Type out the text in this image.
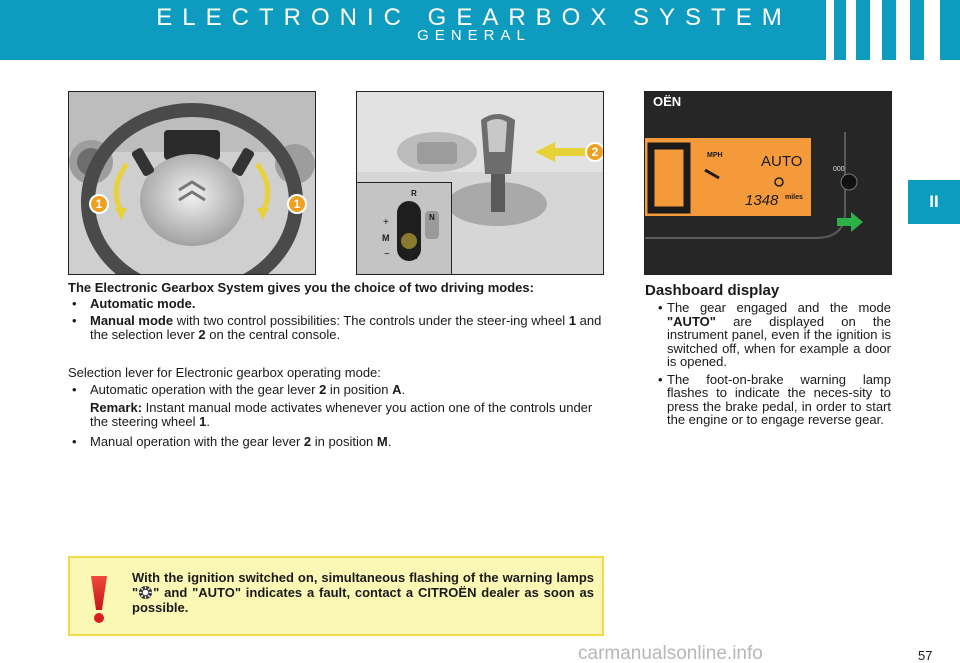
ELECTRONIC GEARBOX SYSTEM
GENERAL
II
1	1
2
+
M
− A
N
R
OËN
MPH	AUTO
1348 miles
000
The Electronic Gearbox System gives you the choice of two driving modes:
• Automatic mode.
• Manual mode with two control possibilities: The controls under the steer-ing wheel 1 and the selection lever 2 on the central console.
Selection lever for Electronic gearbox operating mode:
• Automatic operation with the gear lever 2 in position A.
Remark: Instant manual mode activates whenever you action one of the controls under the steering wheel 1.
• Manual operation with the gear lever 2 in position M.
Dashboard display
• The gear engaged and the mode "AUTO" are displayed on the instrument panel, even if the ignition is switched off, when for example a door is opened.
• The foot-on-brake warning lamp flashes to indicate the neces-sity to press the brake pedal, in order to start the engine or to engage reverse gear.
With the ignition switched on, simultaneous flashing of the warning lamps " " and "AUTO" indicates a fault, contact a CITROËN dealer as soon as possible.
57
carmanualsonline.info
